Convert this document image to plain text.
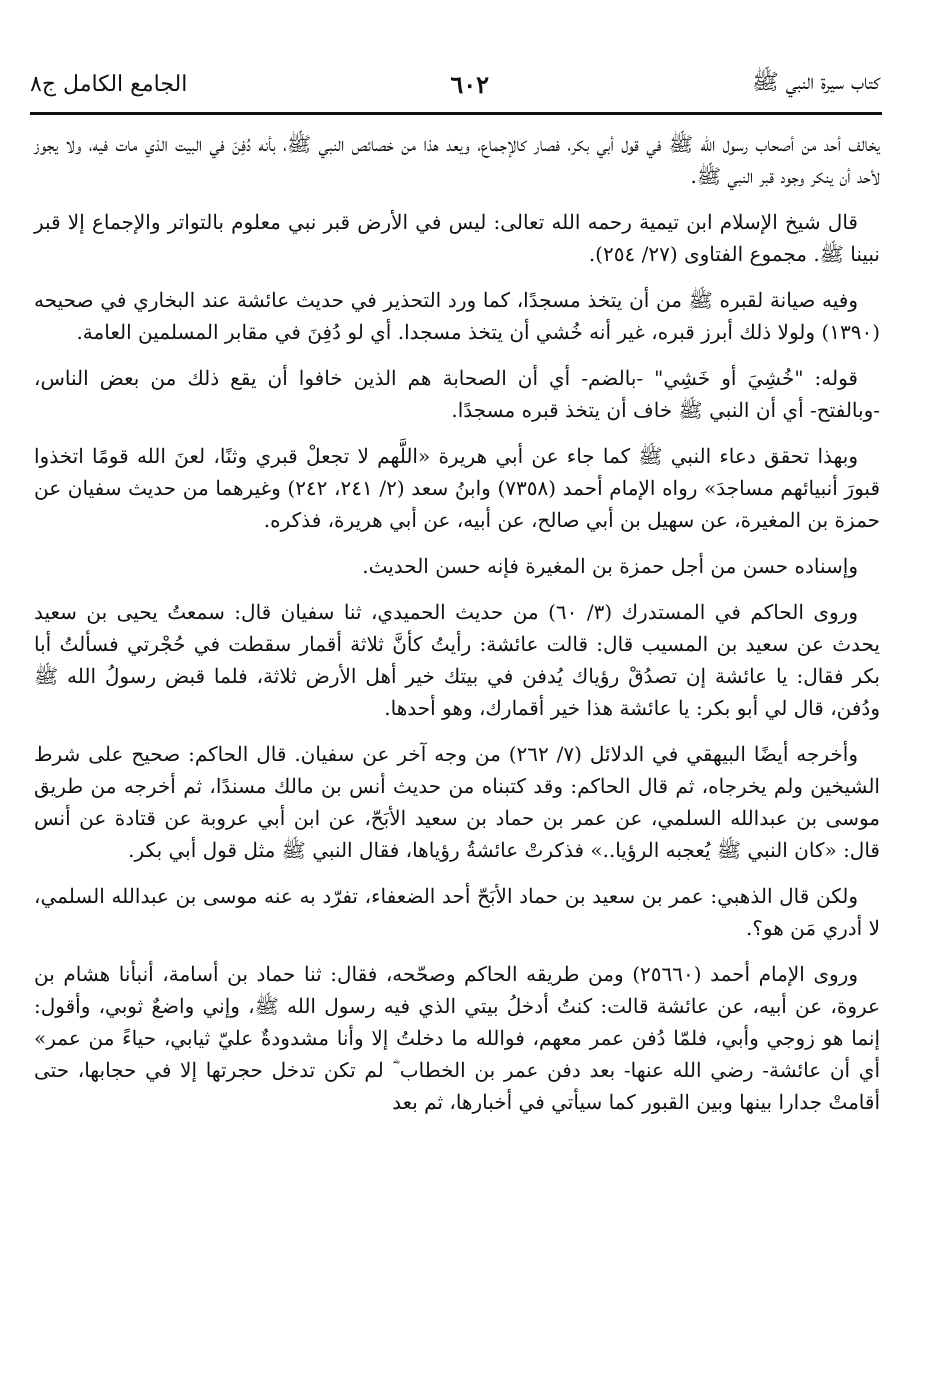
كتاب سيرة النبي ﷺ
٦٠٢
الجامع الكامل ج٨

يخالف أحد من أصحاب رسول الله ﷺ في قول أبي بكر، فصار كالإجماع، ويعد هذا من خصائص النبي ﷺ، بأنه دُفِنَ في البيت الذي مات فيه، ولا يجوز لأحد أن ينكر وجود قبر النبي ﷺ.

قال شيخ الإسلام ابن تيمية رحمه الله تعالى: ليس في الأرض قبر نبي معلوم بالتواتر والإجماع إلا قبر نبينا ﷺ. مجموع الفتاوى (٢٧/ ٢٥٤).

وفيه صيانة لقبره ﷺ من أن يتخذ مسجدًا، كما ورد التحذير في حديث عائشة عند البخاري في صحيحه (١٣٩٠) ولولا ذلك أبرز قبره، غير أنه خُشي أن يتخذ مسجدا. أي لو دُفِنَ في مقابر المسلمين العامة.

قوله: "خُشِيَ أو خَشِي" -بالضم- أي أن الصحابة هم الذين خافوا أن يقع ذلك من بعض الناس، -وبالفتح- أي أن النبي ﷺ خاف أن يتخذ قبره مسجدًا.

وبهذا تحقق دعاء النبي ﷺ كما جاء عن أبي هريرة «اللَّهم لا تجعلْ قبري وثنًا، لعنَ الله قومًا اتخذوا قبورَ أنبيائهم مساجدَ» رواه الإمام أحمد (٧٣٥٨) وابنُ سعد (٢/ ٢٤١، ٢٤٢) وغيرهما من حديث سفيان عن حمزة بن المغيرة، عن سهيل بن أبي صالح، عن أبيه، عن أبي هريرة، فذكره.

وإسناده حسن من أجل حمزة بن المغيرة فإنه حسن الحديث.

وروى الحاكم في المستدرك (٣/ ٦٠) من حديث الحميدي، ثنا سفيان قال: سمعتُ يحيى بن سعيد يحدث عن سعيد بن المسيب قال: قالت عائشة: رأيتُ كأنَّ ثلاثة أقمار سقطت في حُجْرتي فسألتُ أبا بكر فقال: يا عائشة إن تصدُقْ رؤياك يُدفن في بيتك خير أهل الأرض ثلاثة، فلما قبض رسولُ الله ﷺ ودُفن، قال لي أبو بكر: يا عائشة هذا خير أقمارك، وهو أحدها.

وأخرجه أيضًا البيهقي في الدلائل (٧/ ٢٦٢) من وجه آخر عن سفيان. قال الحاكم: صحيح على شرط الشيخين ولم يخرجاه، ثم قال الحاكم: وقد كتبناه من حديث أنس بن مالك مسندًا، ثم أخرجه من طريق موسى بن عبدالله السلمي، عن عمر بن حماد بن سعيد الأبَحّ، عن ابن أبي عروبة عن قتادة عن أنس قال: «كان النبي ﷺ يُعجبه الرؤيا..» فذكرتْ عائشةُ رؤياها، فقال النبي ﷺ مثل قول أبي بكر.

ولكن قال الذهبي: عمر بن سعيد بن حماد الأبَحّ أحد الضعفاء، تفرّد به عنه موسى بن عبدالله السلمي، لا أدري مَن هو؟.

وروى الإمام أحمد (٢٥٦٦٠) ومن طريقه الحاكم وصحّحه، فقال: ثنا حماد بن أسامة، أنبأنا هشام بن عروة، عن أبيه، عن عائشة قالت: كنتُ أدخلُ بيتي الذي فيه رسول الله ﷺ، وإني واضعٌ ثوبي، وأقول: إنما هو زوجي وأبي، فلمّا دُفن عمر معهم، فوالله ما دخلتُ إلا وأنا مشدودةٌ عليّ ثيابي، حياءً من عمر» أي أن عائشة- رضي الله عنها- بعد دفن عمر بن الخطاب ؓ لم تكن تدخل حجرتها إلا في حجابها، حتى أقامتْ جدارا بينها وبين القبور كما سيأتي في أخبارها، ثم بعد
